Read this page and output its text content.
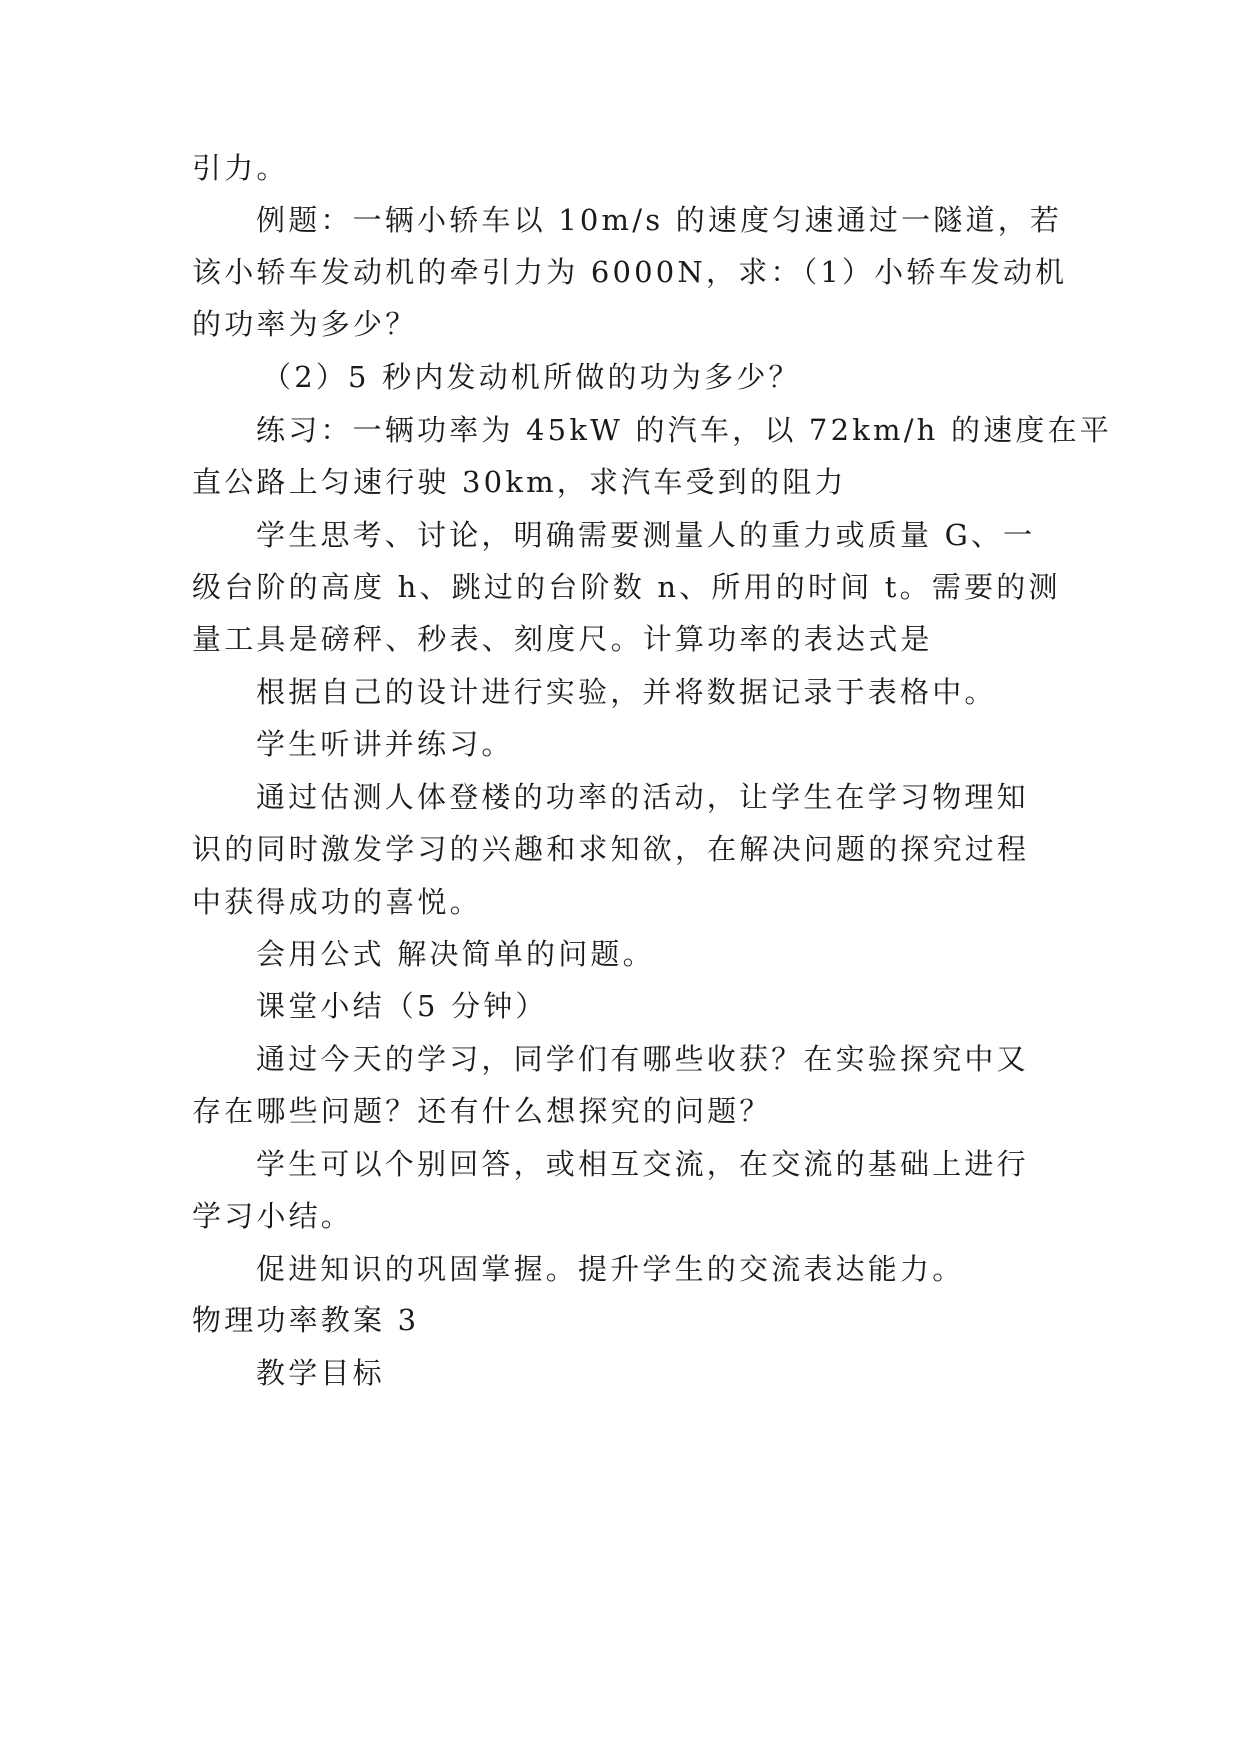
引力。
例题：一辆小轿车以 10m/s 的速度匀速通过一隧道，若
该小轿车发动机的牵引力为 6000N，求：（1）小轿车发动机
的功率为多少？
（2）5 秒内发动机所做的功为多少？
练习：一辆功率为 45kW 的汽车，以 72km/h 的速度在平
直公路上匀速行驶 30km，求汽车受到的阻力
学生思考、讨论，明确需要测量人的重力或质量 G、一
级台阶的高度 h、跳过的台阶数 n、所用的时间 t。需要的测
量工具是磅秤、秒表、刻度尺。计算功率的表达式是
根据自己的设计进行实验，并将数据记录于表格中。
学生听讲并练习。
通过估测人体登楼的功率的活动，让学生在学习物理知
识的同时激发学习的兴趣和求知欲，在解决问题的探究过程
中获得成功的喜悦。
会用公式 解决简单的问题。
课堂小结（5 分钟）
通过今天的学习，同学们有哪些收获？在实验探究中又
存在哪些问题？还有什么想探究的问题？
学生可以个别回答，或相互交流，在交流的基础上进行
学习小结。
促进知识的巩固掌握。提升学生的交流表达能力。
物理功率教案 3
教学目标
